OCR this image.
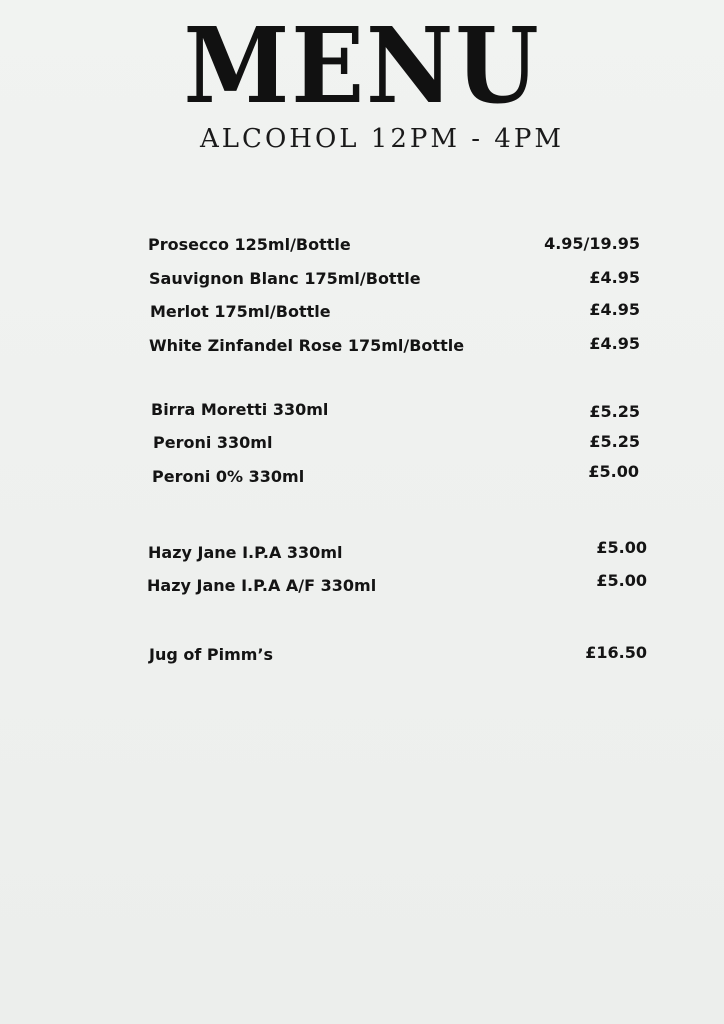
MENU
ALCOHOL 12PM - 4PM
Prosecco 125ml/Bottle	4.95/19.95
Sauvignon Blanc 175ml/Bottle	£4.95
Merlot 175ml/Bottle	£4.95
White Zinfandel Rose 175ml/Bottle	£4.95
Birra Moretti 330ml	£5.25
Peroni 330ml	£5.25
Peroni 0% 330ml	£5.00
Hazy Jane I.P.A 330ml	£5.00
Hazy Jane I.P.A A/F 330ml	£5.00
Jug of Pimm’s	£16.50
